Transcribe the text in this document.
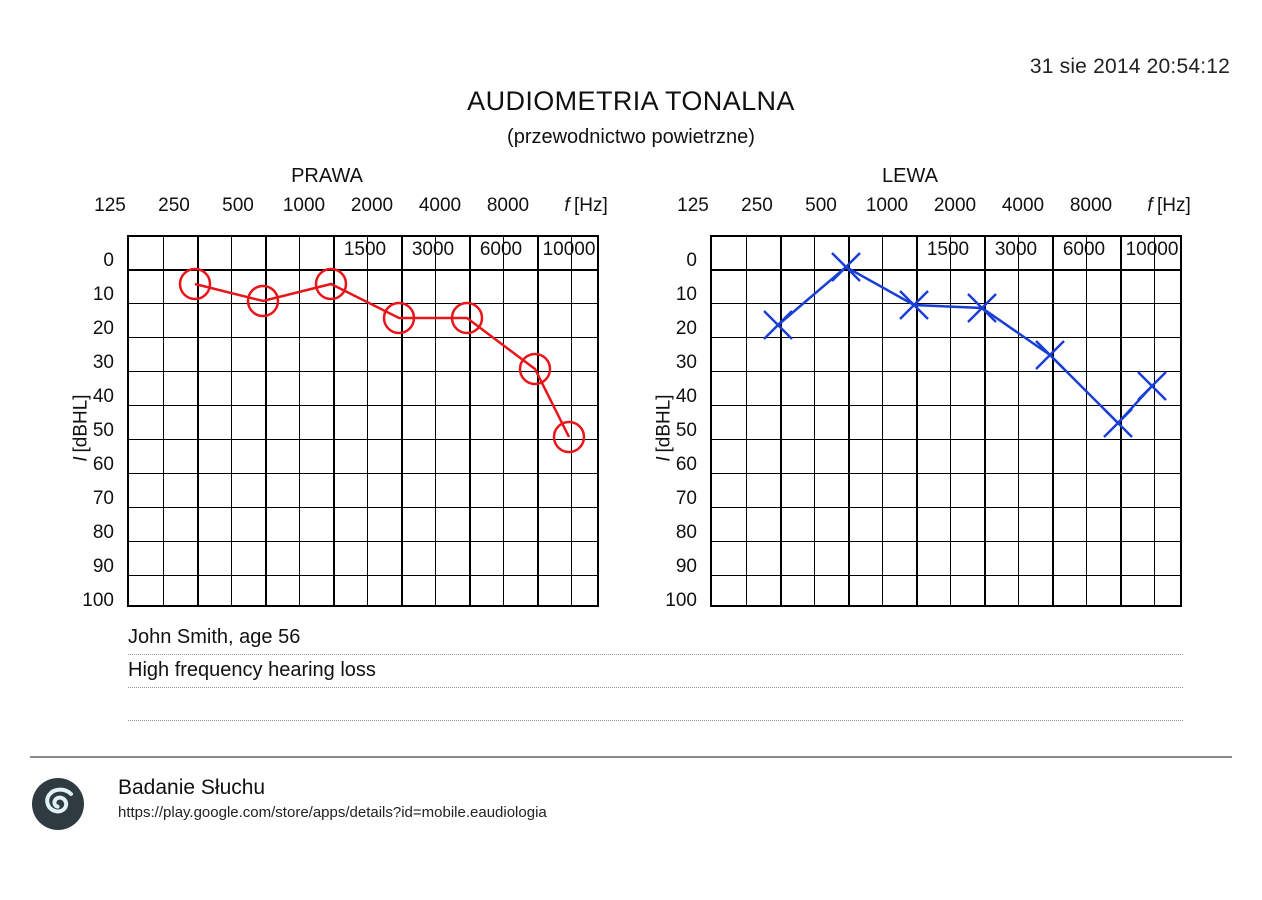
31 sie 2014 20:54:12
AUDIOMETRIA TONALNA
(przewodnictwo powietrzne)
PRAWA
125	250	500	1000	2000	4000	8000	f [Hz]
I [dBHL]
0
10
20
30
40
50
60
70
80
90
100
1500	3000	6000	10000
LEWA
125	250	500	1000	2000	4000	8000	f [Hz]
I [dBHL]
0
10
20
30
40
50
60
70
80
90
100
1500	3000	6000	10000
John Smith, age 56
High frequency hearing loss
Badanie Słuchu
https://play.google.com/store/apps/details?id=mobile.eaudiologia
